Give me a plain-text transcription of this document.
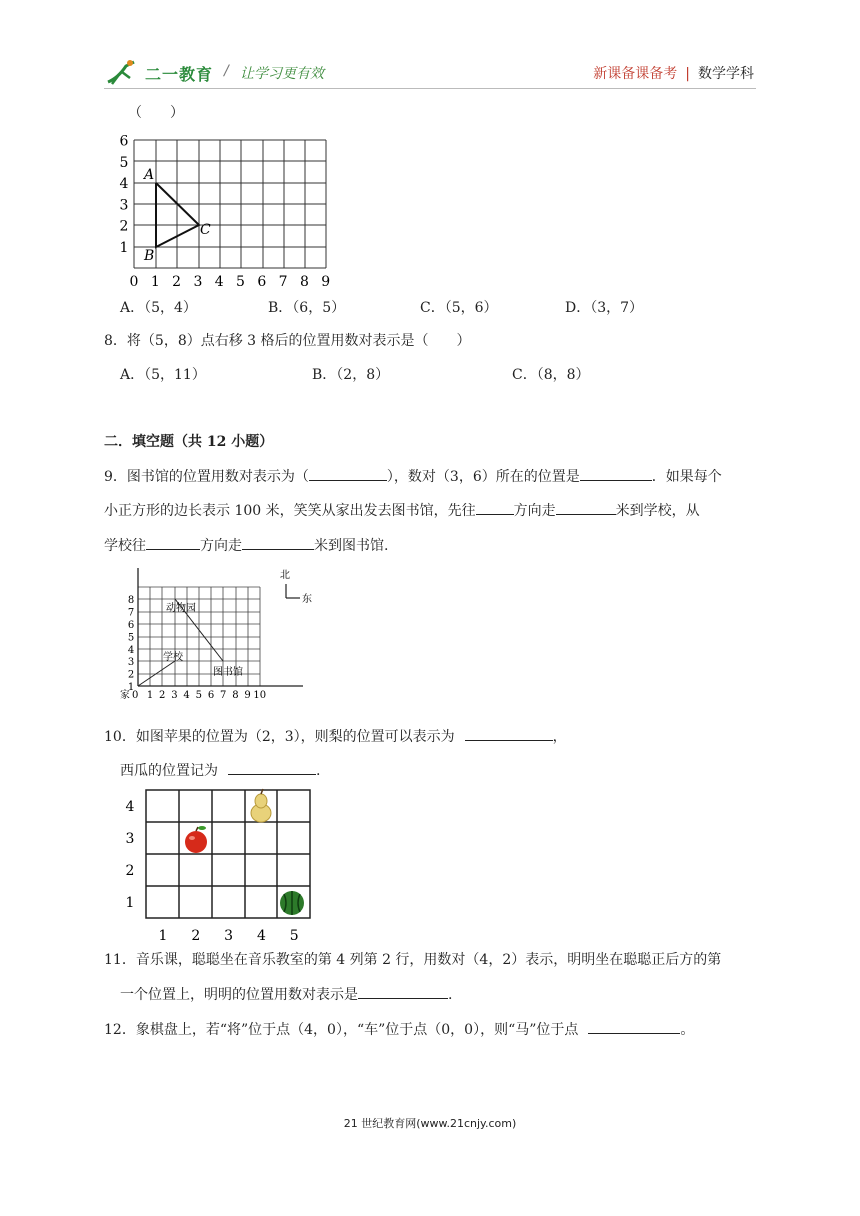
二一教育 / 让学习更有效	新课备课备考 | 数学学科
（　　）
A
B
C
0 1 2 3 4 5 6 7 8 9
1
2
3
4
5
6
A．（5，4）	B．（6，5）	C．（5，6）	D．（3，7）
8．将（5，8）点右移 3 格后的位置用数对表示是（　　）
A．（5，11）	B．（2，8）	C．（8，8）
二．填空题（共 12 小题）
9．图书馆的位置用数对表示为（	），数对（3，6）所在的位置是	．如果每个
小正方形的边长表示 100 米，笑笑从家出发去图书馆，先往	方向走	米到学校，从
学校往	方向走	米到图书馆.
动物园
学校
图书馆
家 0 1 2 3 4 5 6 7 8 9 10
1
2
3
4
5
6
7
8
北
东
10．如图苹果的位置为（2，3），则梨的位置可以表示为	，
西瓜的位置记为	.
1 2 3 4 5
4
3
2
1
11．音乐课，聪聪坐在音乐教室的第 4 列第 2 行，用数对（4，2）表示，明明坐在聪聪正后方的第
一个位置上，明明的位置用数对表示是	.
12．象棋盘上，若“将”位于点（4，0），“车”位于点（0，0），则“马”位于点	。
21 世纪教育网(www.21cnjy.com)
